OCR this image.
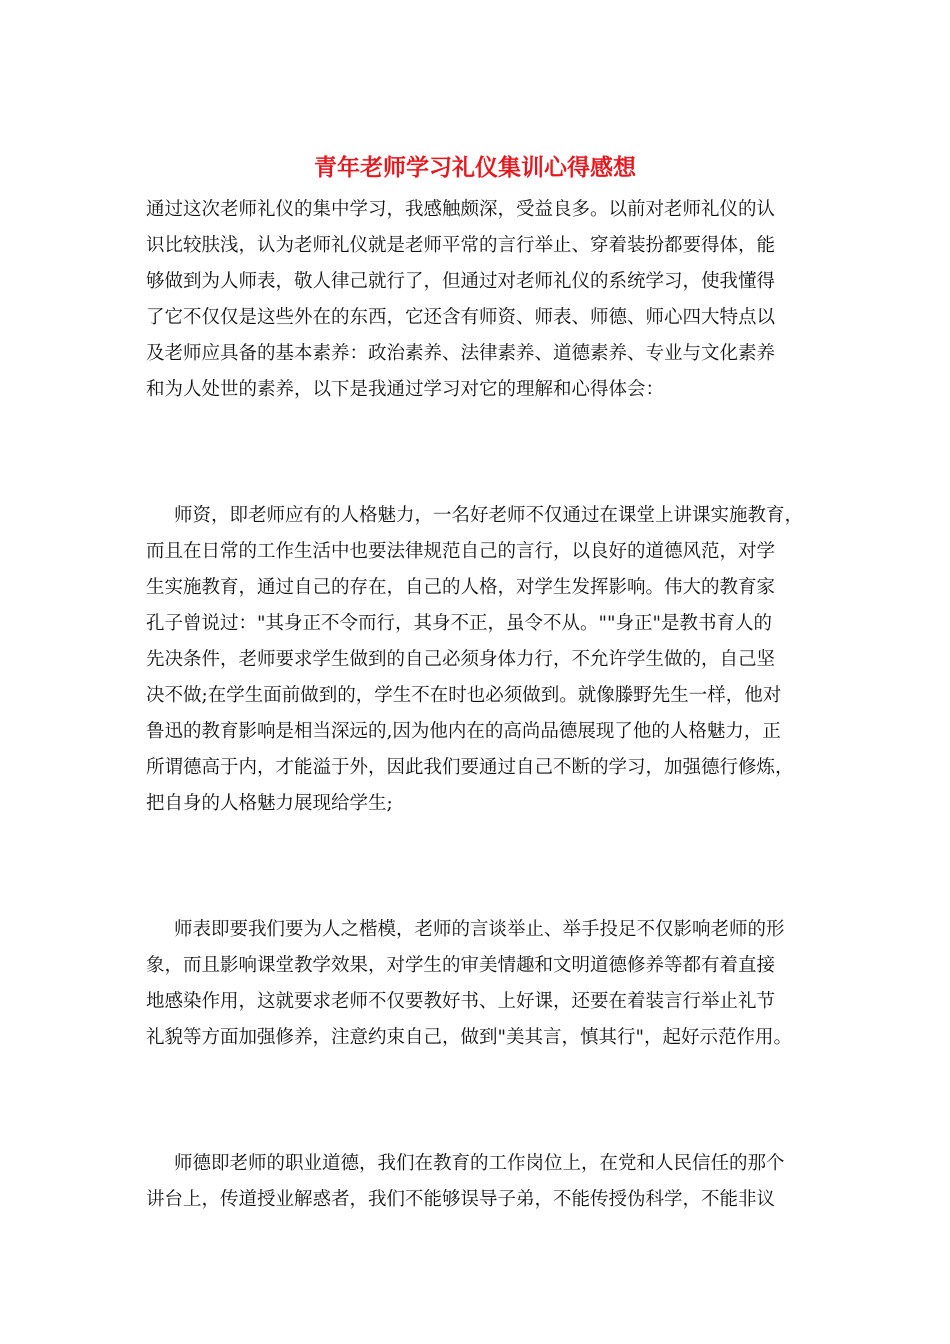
青年老师学习礼仪集训心得感想
通过这次老师礼仪的集中学习，我感触颇深，受益良多。以前对老师礼仪的认
识比较肤浅，认为老师礼仪就是老师平常的言行举止、穿着装扮都要得体，能
够做到为人师表，敬人律己就行了，但通过对老师礼仪的系统学习，使我懂得
了它不仅仅是这些外在的东西，它还含有师资、师表、师德、师心四大特点以
及老师应具备的基本素养：政治素养、法律素养、道德素养、专业与文化素养
和为人处世的素养，以下是我通过学习对它的理解和心得体会：
师资，即老师应有的人格魅力，一名好老师不仅通过在课堂上讲课实施教育，
而且在日常的工作生活中也要法律规范自己的言行，以良好的道德风范，对学
生实施教育，通过自己的存在，自己的人格，对学生发挥影响。伟大的教育家
孔子曾说过："其身正不令而行，其身不正，虽令不从。""身正"是教书育人的
先决条件，老师要求学生做到的自己必须身体力行，不允许学生做的，自己坚
决不做;在学生面前做到的，学生不在时也必须做到。就像滕野先生一样，他对
鲁迅的教育影响是相当深远的,因为他内在的高尚品德展现了他的人格魅力，正
所谓德高于内，才能溢于外，因此我们要通过自己不断的学习，加强德行修炼，
把自身的人格魅力展现给学生;
师表即要我们要为人之楷模，老师的言谈举止、举手投足不仅影响老师的形
象，而且影响课堂教学效果，对学生的审美情趣和文明道德修养等都有着直接
地感染作用，这就要求老师不仅要教好书、上好课，还要在着装言行举止礼节
礼貌等方面加强修养，注意约束自己，做到"美其言，慎其行"，起好示范作用。
师德即老师的职业道德，我们在教育的工作岗位上，在党和人民信任的那个
讲台上，传道授业解惑者，我们不能够误导子弟，不能传授伪科学，不能非议
